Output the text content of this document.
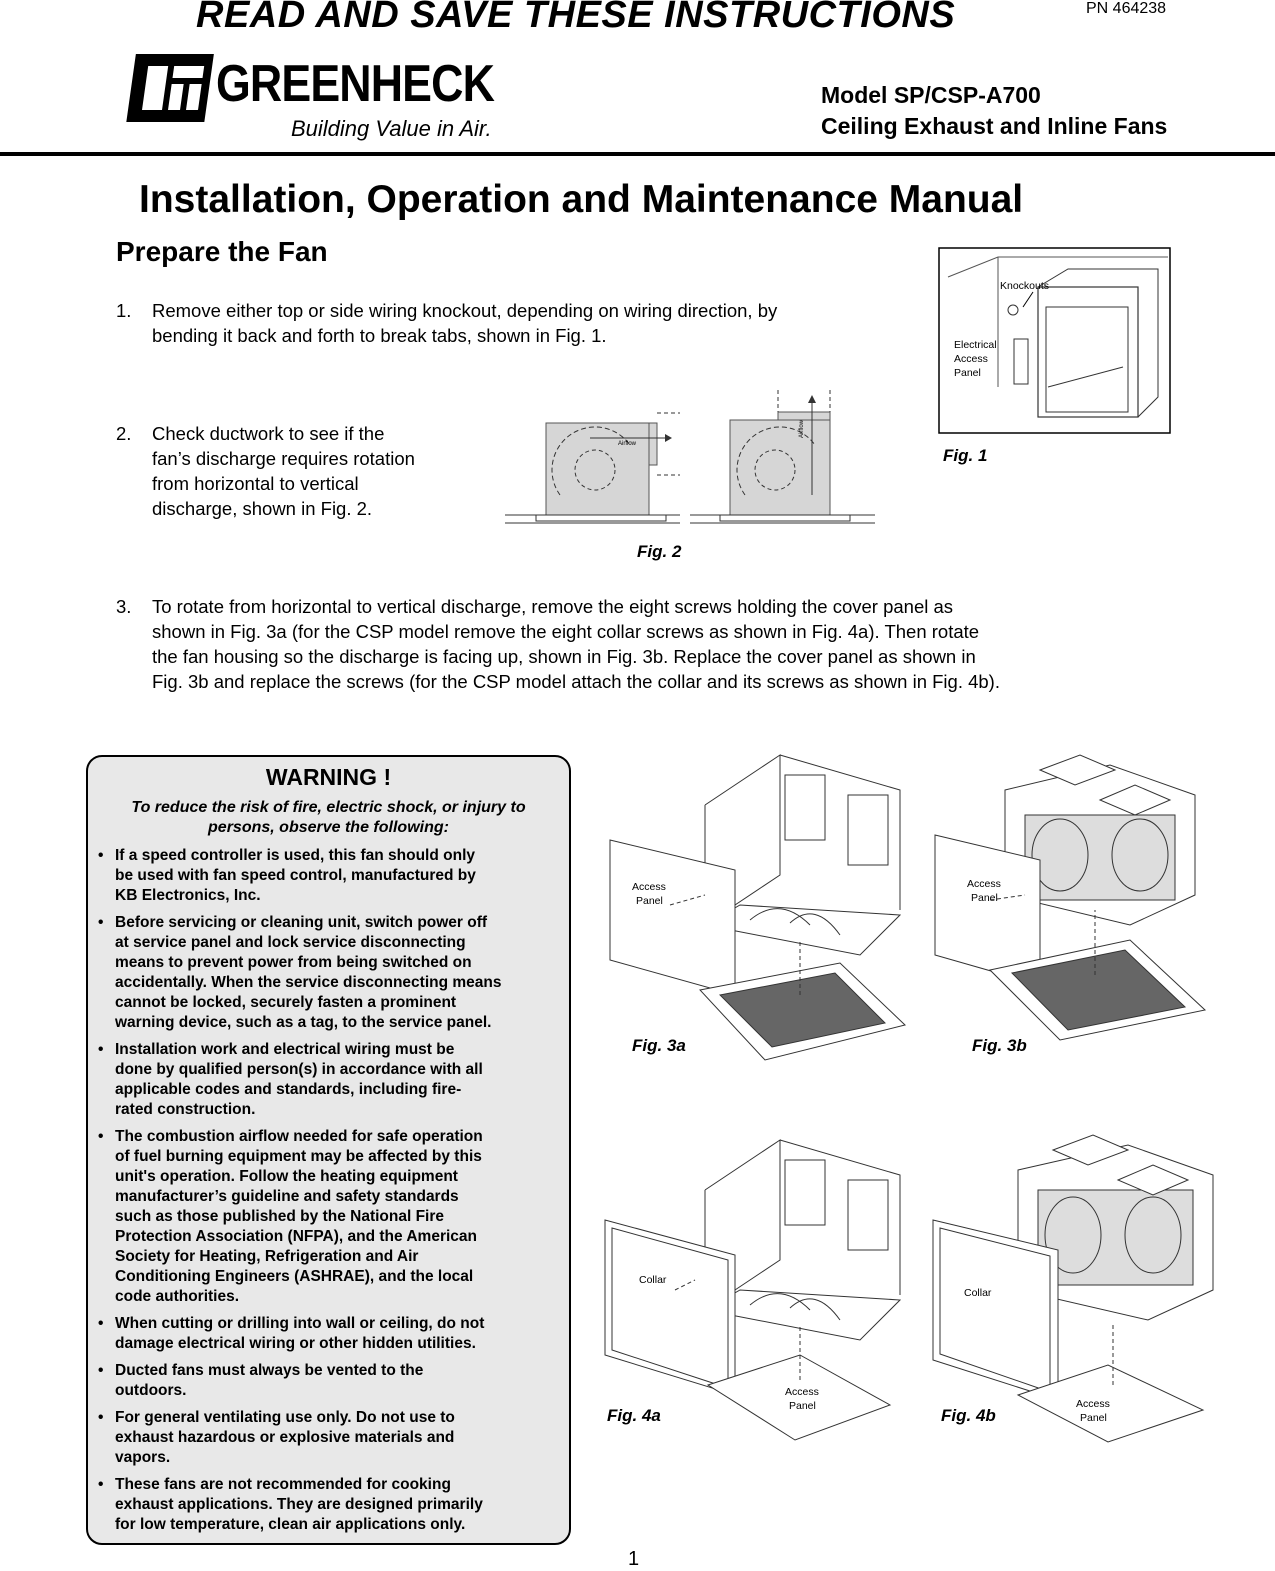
READ AND SAVE THESE INSTRUCTIONS	PN 464238
GREENHECK
®
Building Value in Air.
Model SP/CSP-A700
Ceiling Exhaust and Inline Fans
Installation, Operation and Maintenance Manual
Prepare the Fan
1. Remove either top or side wiring knockout, depending on wiring direction, by
bending it back and forth to break tabs, shown in Fig. 1.
2. Check ductwork to see if the
fan’s discharge requires rotation
from horizontal to vertical
discharge, shown in Fig. 2.
3. To rotate from horizontal to vertical discharge, remove the eight screws holding the cover panel as
shown in Fig. 3a (for the CSP model remove the eight collar screws as shown in Fig. 4a). Then rotate
the fan housing so the discharge is facing up, shown in Fig. 3b. Replace the cover panel as shown in
Fig. 3b and replace the screws (for the CSP model attach the collar and its screws as shown in Fig. 4b).
Knockouts
Electrical
Access
Panel
Fig. 1
Airflow
Airflow
Fig. 2
WARNING !
To reduce the risk of fire, electric shock, or injury to
persons, observe the following:
• If a speed controller is used, this fan should only
be used with fan speed control, manufactured by
KB Electronics, Inc.
• Before servicing or cleaning unit, switch power off
at service panel and lock service disconnecting
means to prevent power from being switched on
accidentally. When the service disconnecting means
cannot be locked, securely fasten a prominent
warning device, such as a tag, to the service panel.
• Installation work and electrical wiring must be
done by qualified person(s) in accordance with all
applicable codes and standards, including fire-
rated construction.
• The combustion airflow needed for safe operation
of fuel burning equipment may be affected by this
unit's operation. Follow the heating equipment
manufacturer’s guideline and safety standards
such as those published by the National Fire
Protection Association (NFPA), and the American
Society for Heating, Refrigeration and Air
Conditioning Engineers (ASHRAE), and the local
code authorities.
• When cutting or drilling into wall or ceiling, do not
damage electrical wiring or other hidden utilities.
• Ducted fans must always be vented to the
outdoors.
• For general ventilating use only. Do not use to
exhaust hazardous or explosive materials and
vapors.
• These fans are not recommended for cooking
exhaust applications. They are designed primarily
for low temperature, clean air applications only.
Access
Panel
Fig. 3a
Access
Panel
Fig. 3b
Collar
Access
Panel
Fig. 4a
Collar
Access
Panel
Fig. 4b
1
